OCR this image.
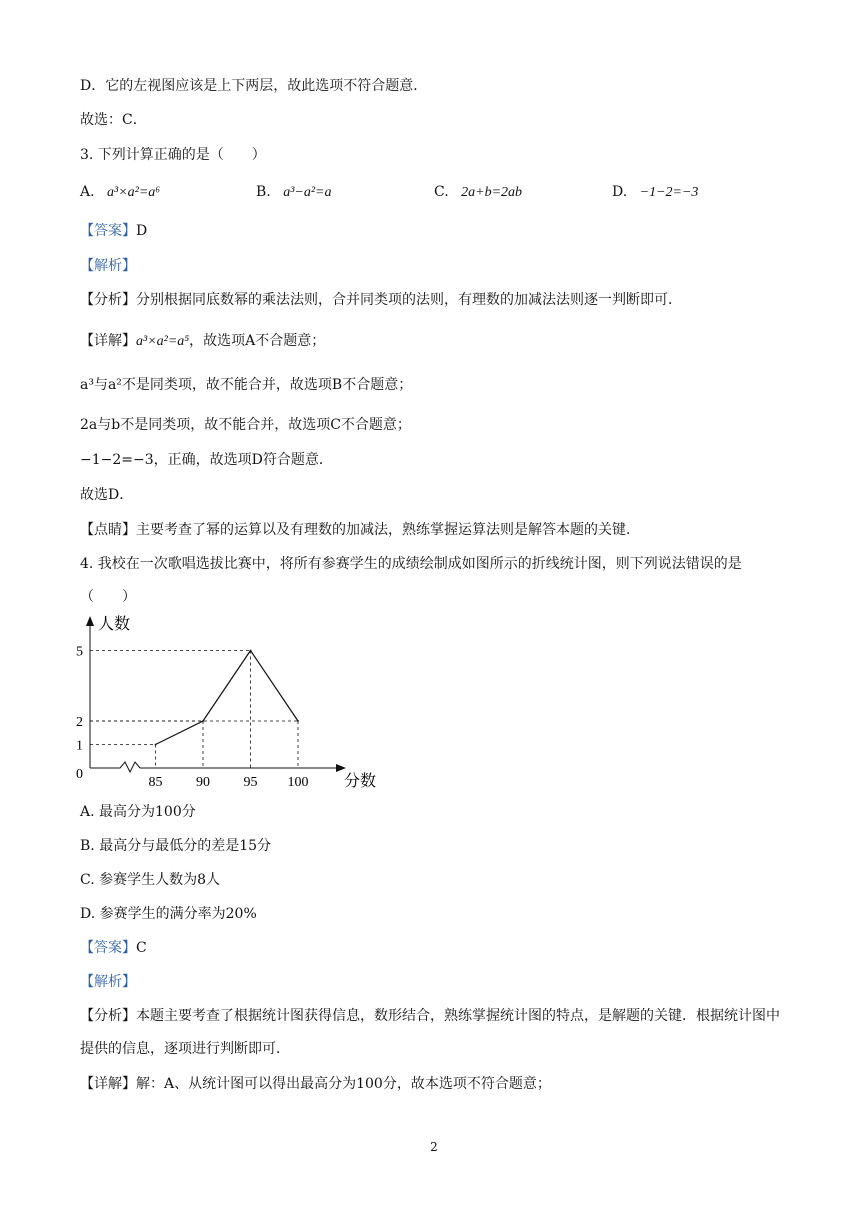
D．它的左视图应该是上下两层，故此选项不符合题意．
故选：C．
3. 下列计算正确的是（　　）
A. a³×a²=a⁶	B. a³−a²=a	C. 2a+b=2ab	D. −1−2=−3
【答案】D
【解析】
【分析】分别根据同底数幂的乘法法则，合并同类项的法则，有理数的加减法法则逐一判断即可．
【详解】a³×a²=a⁵，故选项A不合题意；
a³与a²不是同类项，故不能合并，故选项B不合题意；
2a与b不是同类项，故不能合并，故选项C不合题意；
−1−2=−3，正确，故选项D符合题意．
故选D．
【点睛】主要考查了幂的运算以及有理数的加减法，熟练掌握运算法则是解答本题的关键．
4. 我校在一次歌唱选拔比赛中，将所有参赛学生的成绩绘制成如图所示的折线统计图，则下列说法错误的是（　　）
人数
分数
0
1
2
5
85 90 95 100
A. 最高分为100分
B. 最高分与最低分的差是15分
C. 参赛学生人数为8人
D. 参赛学生的满分率为20%
【答案】C
【解析】
【分析】本题主要考查了根据统计图获得信息，数形结合，熟练掌握统计图的特点，是解题的关键．根据统计图中提供的信息，逐项进行判断即可．
【详解】解：A、从统计图可以得出最高分为100分，故本选项不符合题意；
2
